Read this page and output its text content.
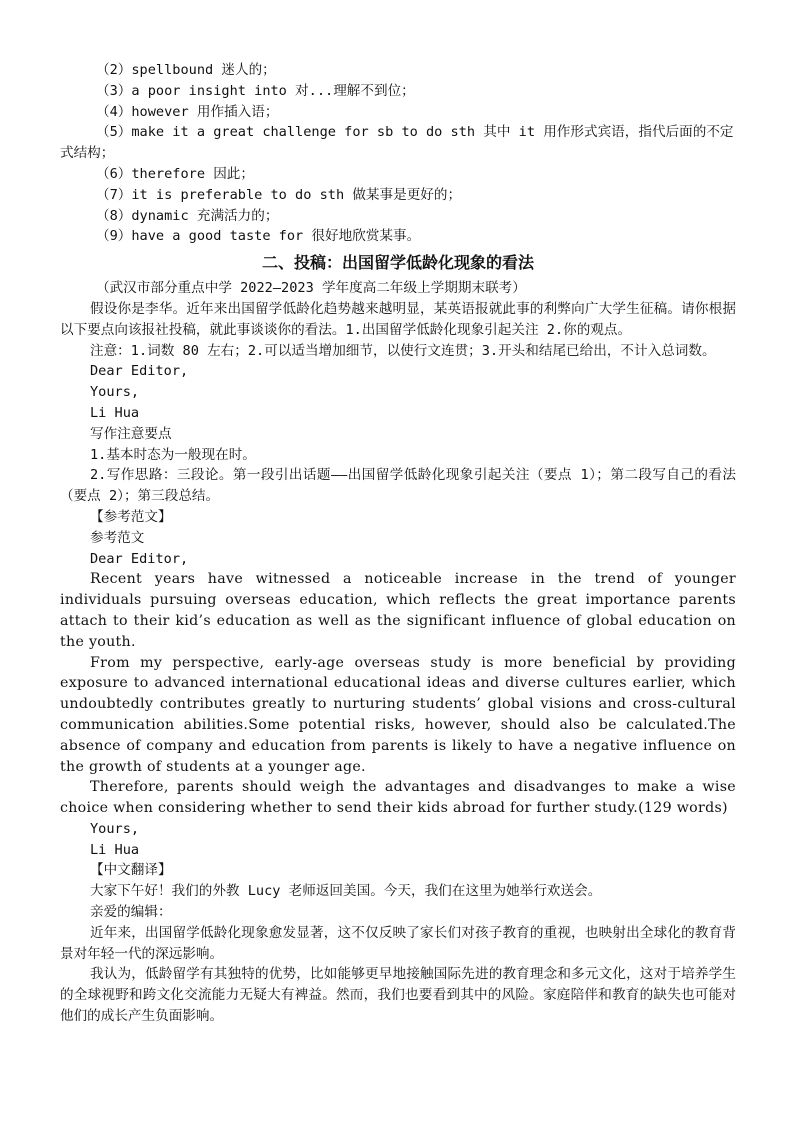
（2）spellbound 迷人的；
（3）a poor insight into 对...理解不到位；
（4）however 用作插入语；
（5）make it a great challenge for sb to do sth 其中 it 用作形式宾语，指代后面的不定式结构；
（6）therefore 因此；
（7）it is preferable to do sth 做某事是更好的；
（8）dynamic 充满活力的；
（9）have a good taste for 很好地欣赏某事。
二、投稿：出国留学低龄化现象的看法
（武汉市部分重点中学 2022—2023 学年度高二年级上学期期末联考）
假设你是李华。近年来出国留学低龄化趋势越来越明显，某英语报就此事的利弊向广大学生征稿。请你根据以下要点向该报社投稿，就此事谈谈你的看法。1.出国留学低龄化现象引起关注 2.你的观点。
注意：1.词数 80 左右；2.可以适当增加细节，以使行文连贯；3.开头和结尾已给出，不计入总词数。
Dear Editor,
Yours,
Li Hua
写作注意要点
1.基本时态为一般现在时。
2.写作思路：三段论。第一段引出话题——出国留学低龄化现象引起关注（要点 1）；第二段写自己的看法（要点 2）；第三段总结。
【参考范文】
参考范文
Dear Editor,
Recent years have witnessed a noticeable increase in the trend of younger individuals pursuing overseas education, which reflects the great importance parents attach to their kid’s education as well as the significant influence of global education on the youth.
From my perspective, early-age overseas study is more beneficial by providing exposure to advanced international educational ideas and diverse cultures earlier, which undoubtedly contributes greatly to nurturing students’ global visions and cross-cultural communication abilities.Some potential risks, however, should also be calculated.The absence of company and education from parents is likely to have a negative influence on the growth of students at a younger age.
Therefore, parents should weigh the advantages and disadvanges to make a wise choice when considering whether to send their kids abroad for further study.(129 words)
Yours,
Li Hua
【中文翻译】
大家下午好！我们的外教 Lucy 老师返回美国。今天，我们在这里为她举行欢送会。
亲爱的编辑：
近年来，出国留学低龄化现象愈发显著，这不仅反映了家长们对孩子教育的重视，也映射出全球化的教育背景对年轻一代的深远影响。
我认为，低龄留学有其独特的优势，比如能够更早地接触国际先进的教育理念和多元文化，这对于培养学生的全球视野和跨文化交流能力无疑大有裨益。然而，我们也要看到其中的风险。家庭陪伴和教育的缺失也可能对他们的成长产生负面影响。
